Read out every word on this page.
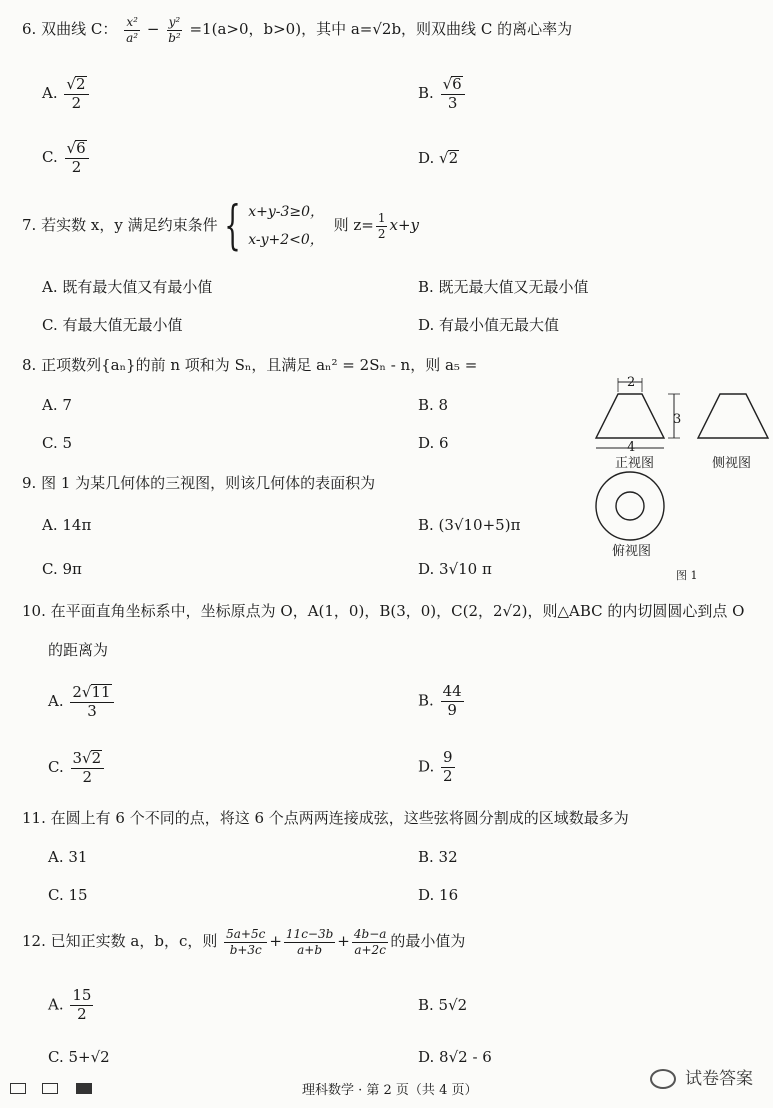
6. 双曲线 C： $\frac{\text{x²}}{\text{a²}} - \frac{\text{y²}}{\text{b²}} =1(a>0$，b>0)，其中 a=√2b，则双曲线 C 的离心率为
A. $\frac{√2}{2}$	B. $\frac{√6}{3}$
C. $\frac{√6}{2}$	D. √2
7. 若实数 x，y 满足约束条件 { x+y-3≥0，
x-y+2<0，
则 $z= \frac{1}{2} x+y$
A. 既有最大值又有最小值	B. 既无最大值又无最小值
C. 有最大值无最小值	D. 有最小值无最大值
8. 正项数列{aₙ}的前 n 项和为 Sₙ，且满足 aₙ² = 2Sₙ - n，则 a₅ =
A. 7	B. 8
C. 5	D. 6
9. 图 1 为某几何体的三视图，则该几何体的表面积为
A. 14π	B. (3√10+5)π
C. 9π	D. 3√10 π
2
3
4
正视图	侧视图
俯视图
图 1
10. 在平面直角坐标系中，坐标原点为 O，A(1，0)，B(3，0)，C(2，2√2)，则△ABC 的内切圆圆心到点 O
的距离为
A. $\frac{2√11}{3}$	B. $\frac{44}{9}$
C. $\frac{3√2}{2}$	D. $\frac{9}{2}$
11. 在圆上有 6 个不同的点，将这 6 个点两两连接成弦，这些弦将圆分割成的区域数最多为
A. 31	B. 32
C. 15	D. 16
12. 已知正实数 a，b，c，则 $\frac{5a+5c}{b+3c} + \frac{11c-3b}{a+b} + \frac{4b-a}{a+2c}$ 的最小值为
A. $\frac{15}{2}$	B. 5√2
C. 5+√2	D. 8√2 - 6
理科数学 · 第 2 页（共 4 页）
试卷答案
